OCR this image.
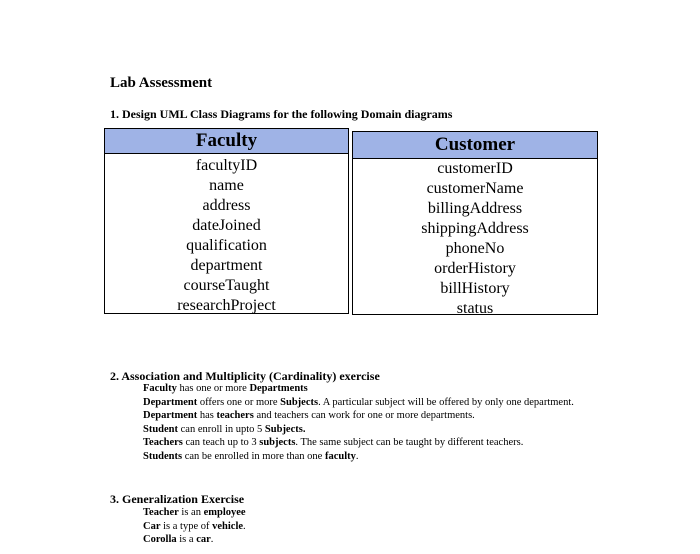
Lab Assessment
1. Design UML Class Diagrams for the following Domain diagrams
Faculty
facultyID
name
address
dateJoined
qualification
department
courseTaught
researchProject
Customer
customerID
customerName
billingAddress
shippingAddress
phoneNo
orderHistory
billHistory
status
2. Association and Multiplicity (Cardinality) exercise
Faculty has one or more Departments
Department offers one or more Subjects. A particular subject will be offered by only one department.
Department has teachers and teachers can work for one or more departments.
Student can enroll in upto 5 Subjects.
Teachers can teach up to 3 subjects. The same subject can be taught by different teachers.
Students can be enrolled in more than one faculty.
3. Generalization Exercise
Teacher is an employee
Car is a type of vehicle.
Corolla is a car.
